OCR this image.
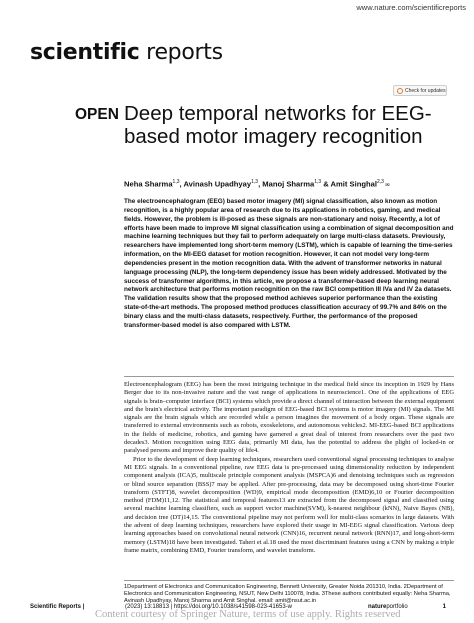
www.nature.com/scientificreports
scientific reports
Check for updates
OPEN Deep temporal networks for EEG-based motor imagery recognition
Neha Sharma$^{1,3}$, Avinash Upadhyay$^{1,3}$, Manoj Sharma$^{1,3}$ & Amit Singhal$^{2,3}$ ✉
The electroencephalogram (EEG) based motor imagery (MI) signal classification, also known as motion recognition, is a highly popular area of research due to its applications in robotics, gaming, and medical fields. However, the problem is ill-posed as these signals are non-stationary and noisy. Recently, a lot of efforts have been made to improve MI signal classification using a combination of signal decomposition and machine learning techniques but they fail to perform adequately on large multi-class datasets. Previously, researchers have implemented long short-term memory (LSTM), which is capable of learning the time-series information, on the MI-EEG dataset for motion recognition. However, it can not model very long-term dependencies present in the motion recognition data. With the advent of transformer networks in natural language processing (NLP), the long-term dependency issue has been widely addressed. Motivated by the success of transformer algorithms, in this article, we propose a transformer-based deep learning neural network architecture that performs motion recognition on the raw BCI competition III IVa and IV 2a datasets. The validation results show that the proposed method achieves superior performance than the existing state-of-the-art methods. The proposed method produces classification accuracy of 99.7% and 84% on the binary class and the multi-class datasets, respectively. Further, the performance of the proposed transformer-based model is also compared with LSTM.

Electroencephalogram (EEG) has been the most intriguing technique in the medical field since its inception in 1929 by Hans Berger due to its non-invasive nature and the vast range of applications in neuroscience1. One of the applications of EEG signals is brain–computer interface (BCI) systems which provide a direct channel of interaction between the external equipment and the brain's electrical activity. The important paradigm of EEG-based BCI systems is motor imagery (MI) signals. The MI signals are the brain signals which are recorded while a person imagines the movement of a body organ. These signals are transferred to external environments such as robots, exoskeletons, and autonomous vehicles2. MI-EEG-based BCI applications in the fields of medicine, robotics, and gaming have garnered a great deal of interest from researchers over the past two decades3. Motion recognition using EEG data, primarily MI data, has the potential to address the plight of locked-in or paralysed persons and improve their quality of life4.

Prior to the development of deep learning techniques, researchers used conventional signal processing techniques to analyse MI EEG signals. In a conventional pipeline, raw EEG data is pre-processed using dimensionality reduction by independent component analysis (ICA)5, multiscale principle component analysis (MSPCA)6 and denoising techniques such as regression or blind source separation (BSS)7 may be applied. After pre-processing, data may be decomposed using short-time Fourier transform (STFT)8, wavelet decomposition (WD)9, empirical mode decomposition (EMD)6,10 or Fourier decomposition method (FDM)11,12. The statistical and temporal features13 are extracted from the decomposed signal and classified using several machine learning classifiers, such as support vector machine(SVM), k-nearest neighbour (kNN), Naive Bayes (NB), and decision tree (DT)14,15. The conventional pipeline may not perform well for multi-class scenarios in large datasets. With the advent of deep learning techniques, researchers have explored their usage in MI-EEG signal classification. Various deep learning approaches based on convolutional neural network (CNN)16, recurrent neural network (RNN)17, and long-short-term memory (LSTM)18 have been investigated. Taheri et al.18 used the most discriminant features using a CNN by making a triple frame matrix, combining EMD, Fourier transform, and wavelet transform.

1Department of Electronics and Communication Engineering, Bennett University, Greater Noida 201310, India. 2Department of Electronics and Communication Engineering, NSUT, New Delhi 110078, India. 3These authors contributed equally: Neha Sharma, Avinash Upadhyay, Manoj Sharma and Amit Singhal. email: amit@nsut.ac.in
Scientific Reports |	(2023) 13:18813 | https://doi.org/10.1038/s41598-023-41653-w	natureportfolio	1
Content courtesy of Springer Nature, terms of use apply. Rights reserved
